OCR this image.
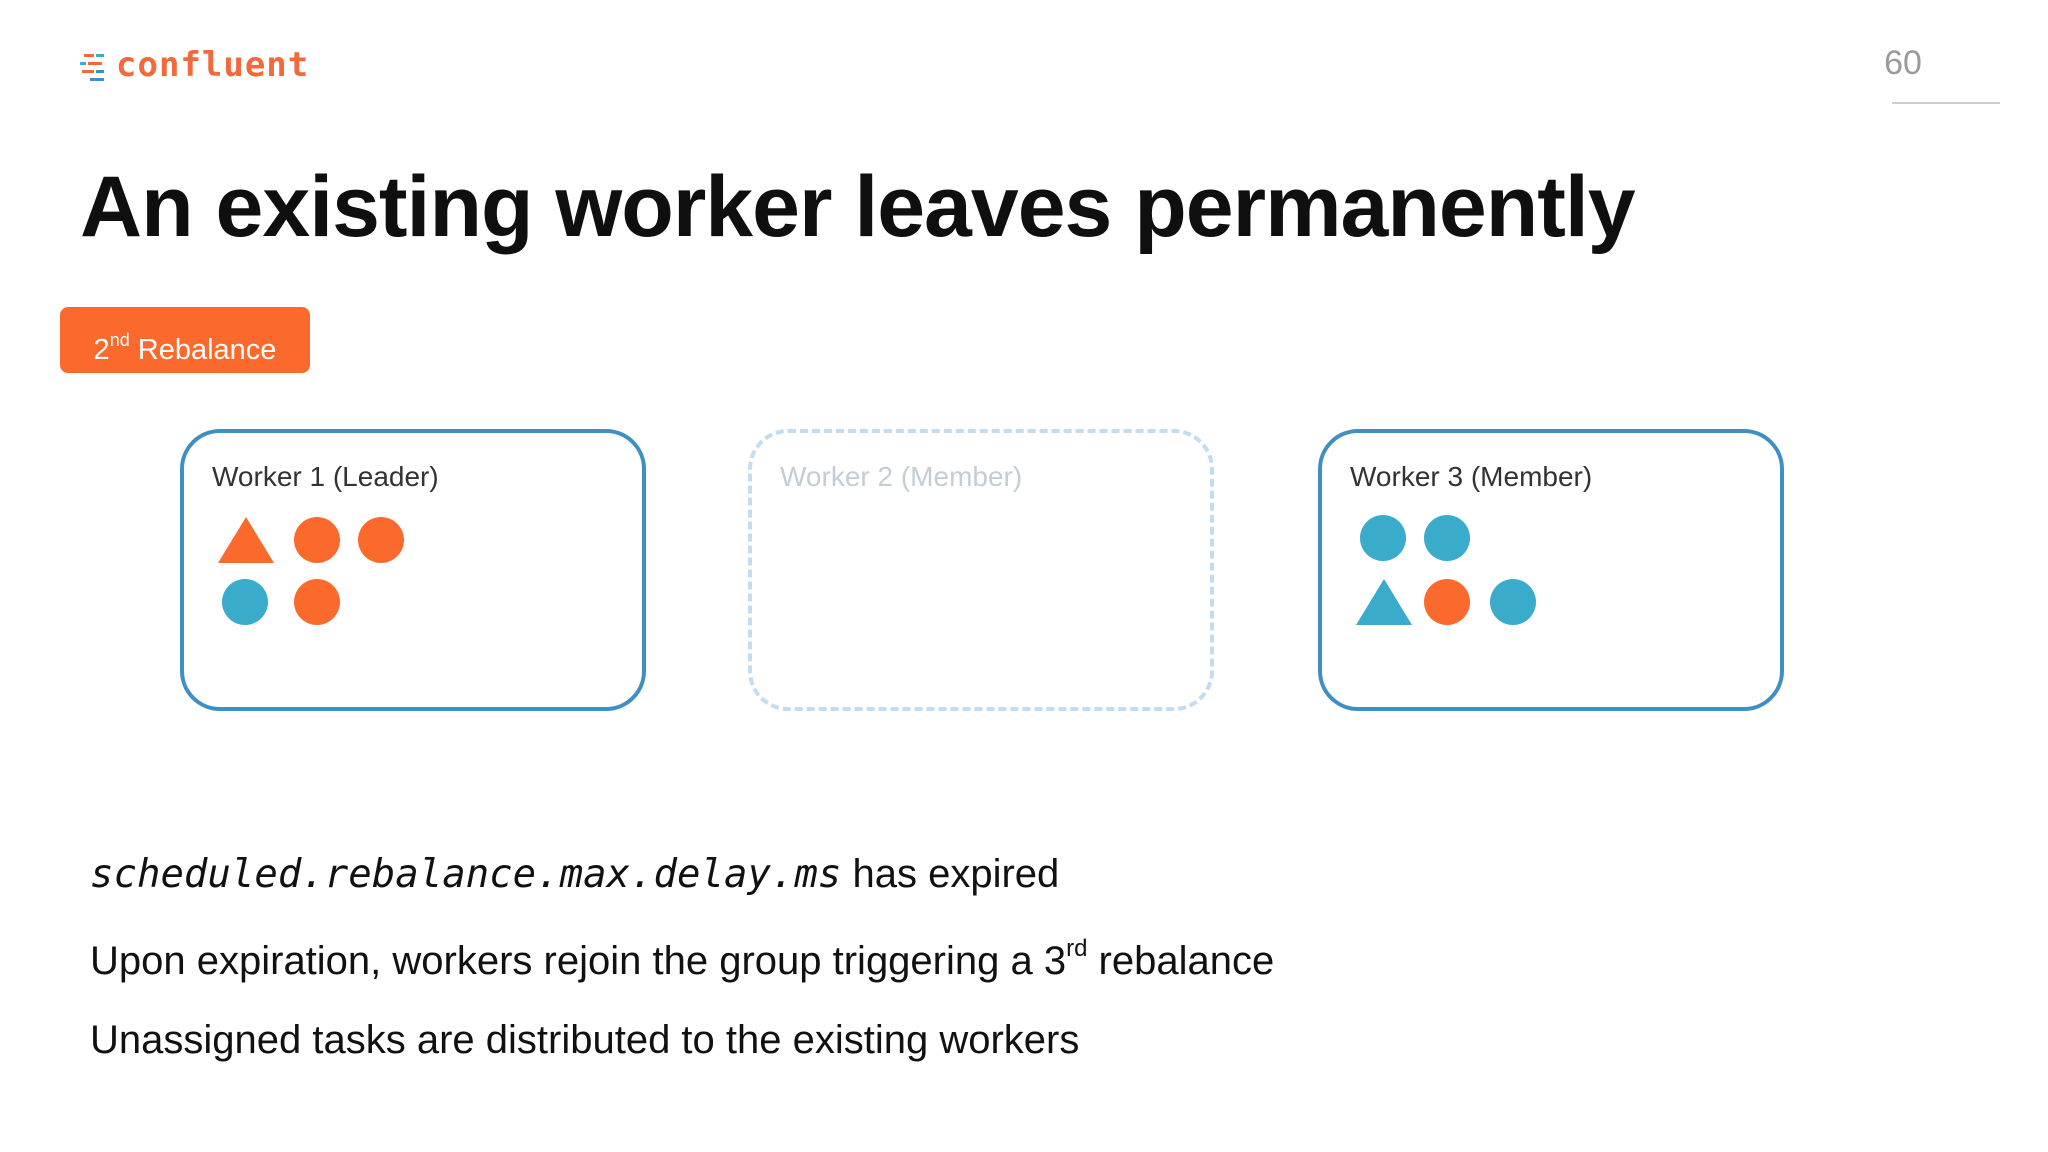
confluent	60
An existing worker leaves permanently
2nd Rebalance
Worker 1 (Leader)	Worker 2 (Member)	Worker 3 (Member)
scheduled.rebalance.max.delay.ms has expired
Upon expiration, workers rejoin the group triggering a 3rd rebalance
Unassigned tasks are distributed to the existing workers
